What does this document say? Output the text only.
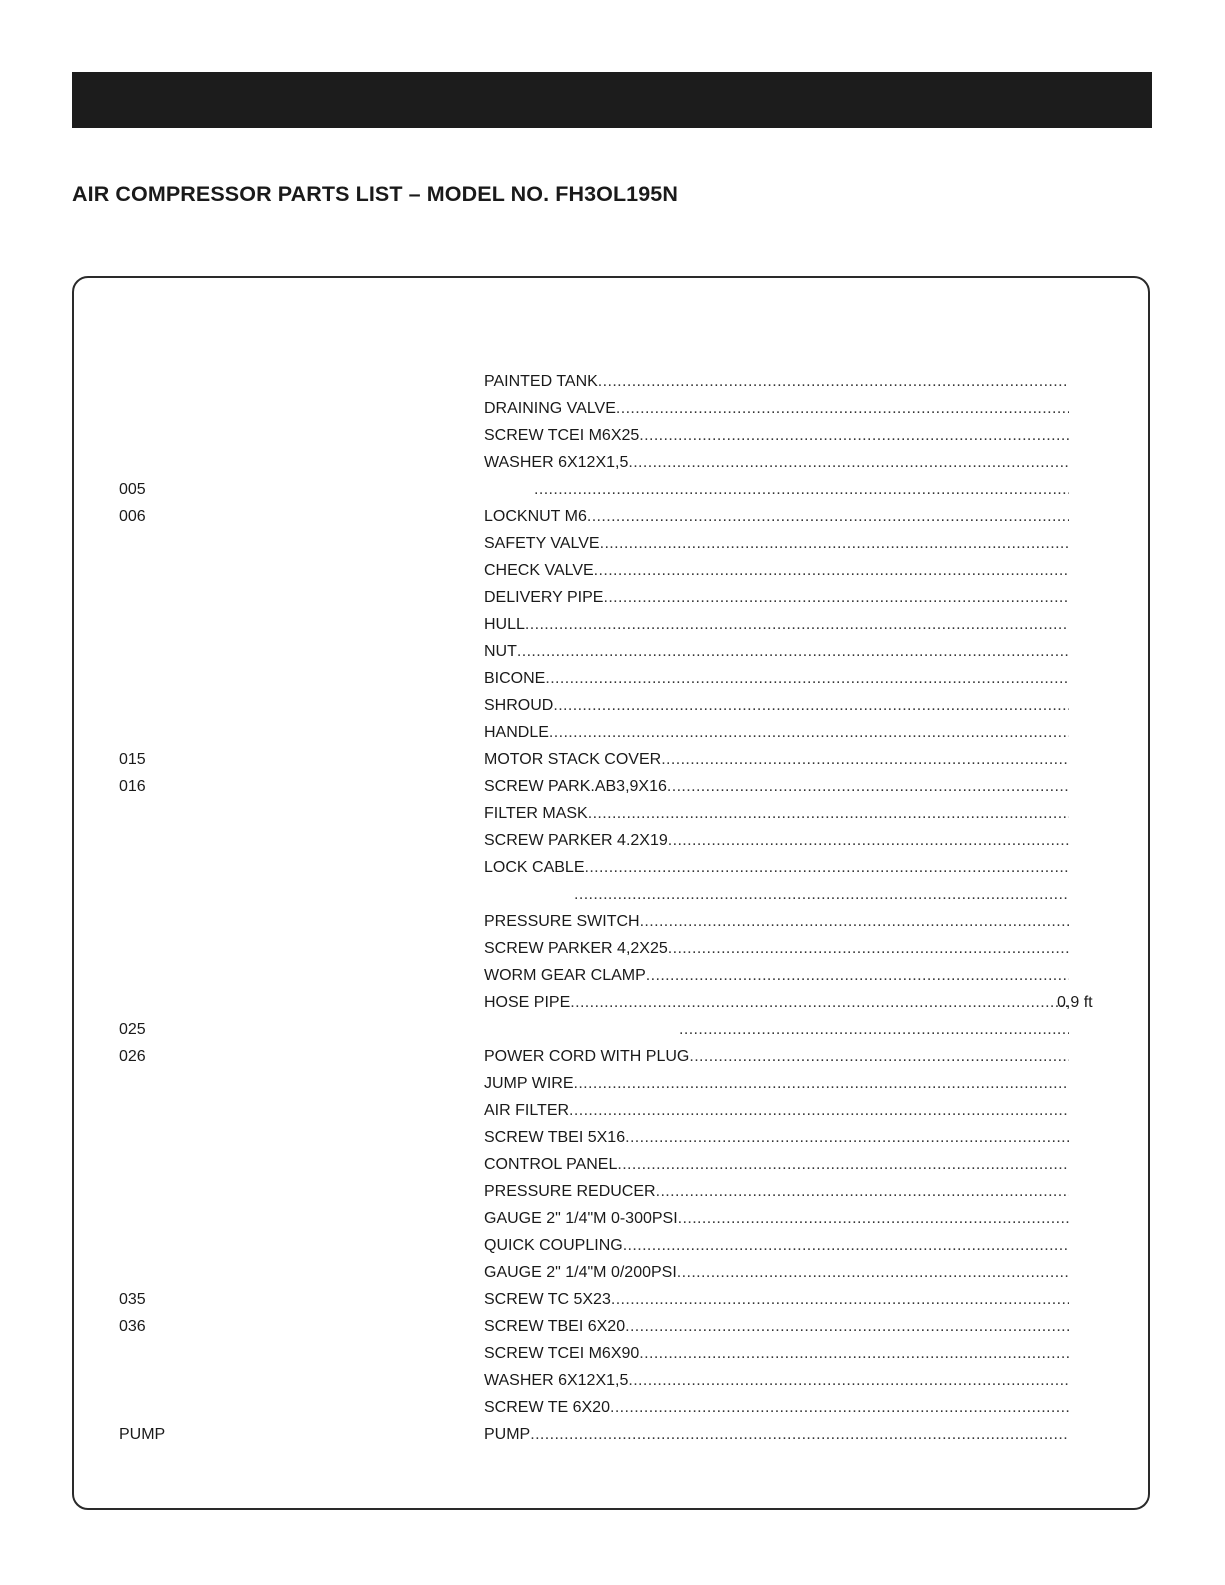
AIR COMPRESSOR PARTS LIST – MODEL NO. FH3OL195N
PAINTED TANK
.....
DRAINING VALVE
.....
SCREW TCEI M6X25
.....
WASHER 6X12X1,5
.....
005
.....
006	LOCKNUT M6
.....
SAFETY VALVE
.....
CHECK VALVE
.....
DELIVERY PIPE
.....
HULL
.....
NUT
.....
BICONE
.....
SHROUD
.....
HANDLE
.....
015	MOTOR STACK COVER
.....
016	SCREW PARK.AB3,9X16
.....
FILTER MASK
.....
SCREW PARKER 4.2X19
.....
LOCK CABLE
.....
.....
PRESSURE SWITCH
.....
SCREW PARKER 4,2X25
.....
WORM GEAR CLAMP
.....
HOSE PIPE
.....	0,9 ft
025
.....
026	POWER CORD WITH PLUG
.....
JUMP WIRE
.....
AIR FILTER
.....
SCREW TBEI 5X16
.....
CONTROL PANEL
.....
PRESSURE REDUCER
.....
GAUGE 2" 1/4"M 0-300PSI
.....
QUICK COUPLING
.....
GAUGE 2" 1/4"M 0/200PSI
.....
035	SCREW TC 5X23
.....
036	SCREW TBEI 6X20
.....
SCREW TCEI M6X90
.....
WASHER 6X12X1,5
.....
SCREW TE 6X20
.....
PUMP	PUMP
.....
